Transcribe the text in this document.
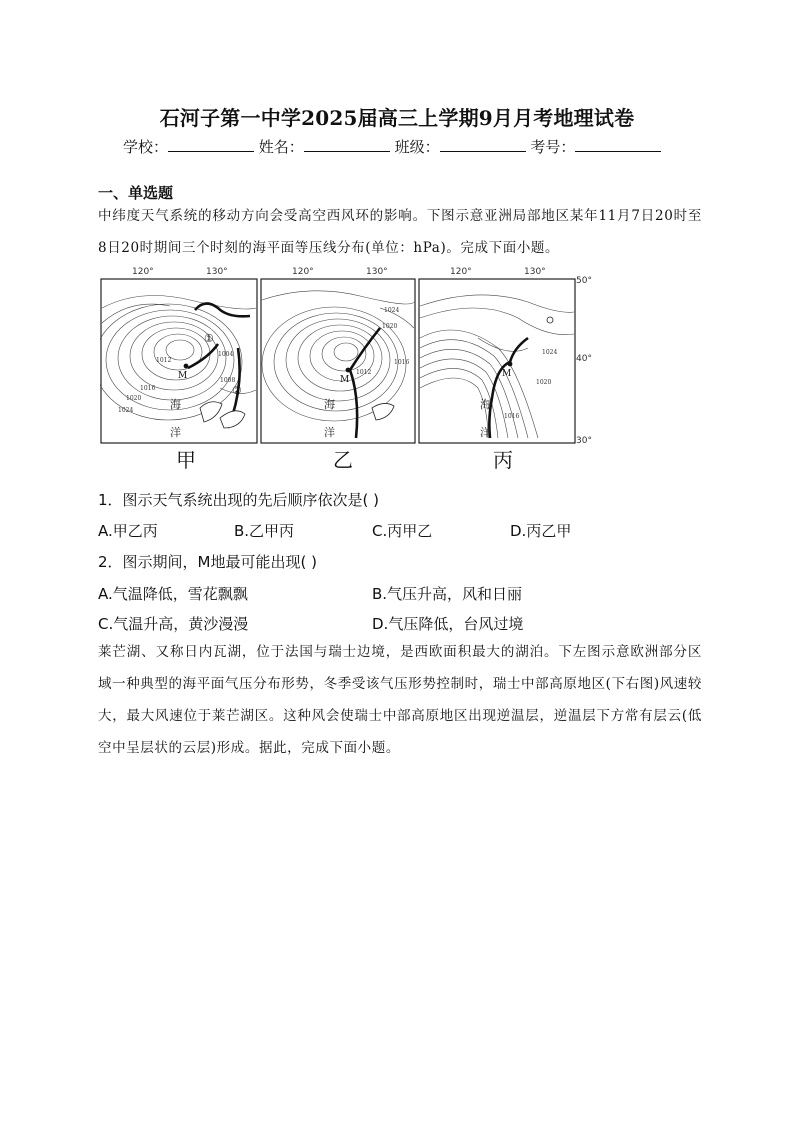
石河子第一中学2025届高三上学期9月月考地理试卷
学校：	姓名：	班级：	考号：
一、单选题
中纬度天气系统的移动方向会受高空西风环的影响。下图示意亚洲局部地区某年11月7日20时至8日20时期间三个时刻的海平面等压线分布(单位：hPa)。完成下面小题。
120°	130°
M
①
②
1012
1008
1004
1016
1020
1024	海
洋
120°	130°
M
1024
1020
1012
1016
海
洋
120°	130°
M
1024
1020
1016
海
洋
50°
40°
30°
甲	乙	丙
1．图示天气系统出现的先后顺序依次是( )
A.甲乙丙	B.乙甲丙	C.丙甲乙	D.丙乙甲
2．图示期间，M地最可能出现( )
A.气温降低，雪花飘飘	B.气压升高，风和日丽
C.气温升高，黄沙漫漫	D.气压降低，台风过境
莱芒湖、又称日内瓦湖，位于法国与瑞士边境，是西欧面积最大的湖泊。下左图示意欧洲部分区域一种典型的海平面气压分布形势，冬季受该气压形势控制时，瑞士中部高原地区(下右图)风速较大，最大风速位于莱芒湖区。这种风会使瑞士中部高原地区出现逆温层，逆温层下方常有层云(低空中呈层状的云层)形成。据此，完成下面小题。
